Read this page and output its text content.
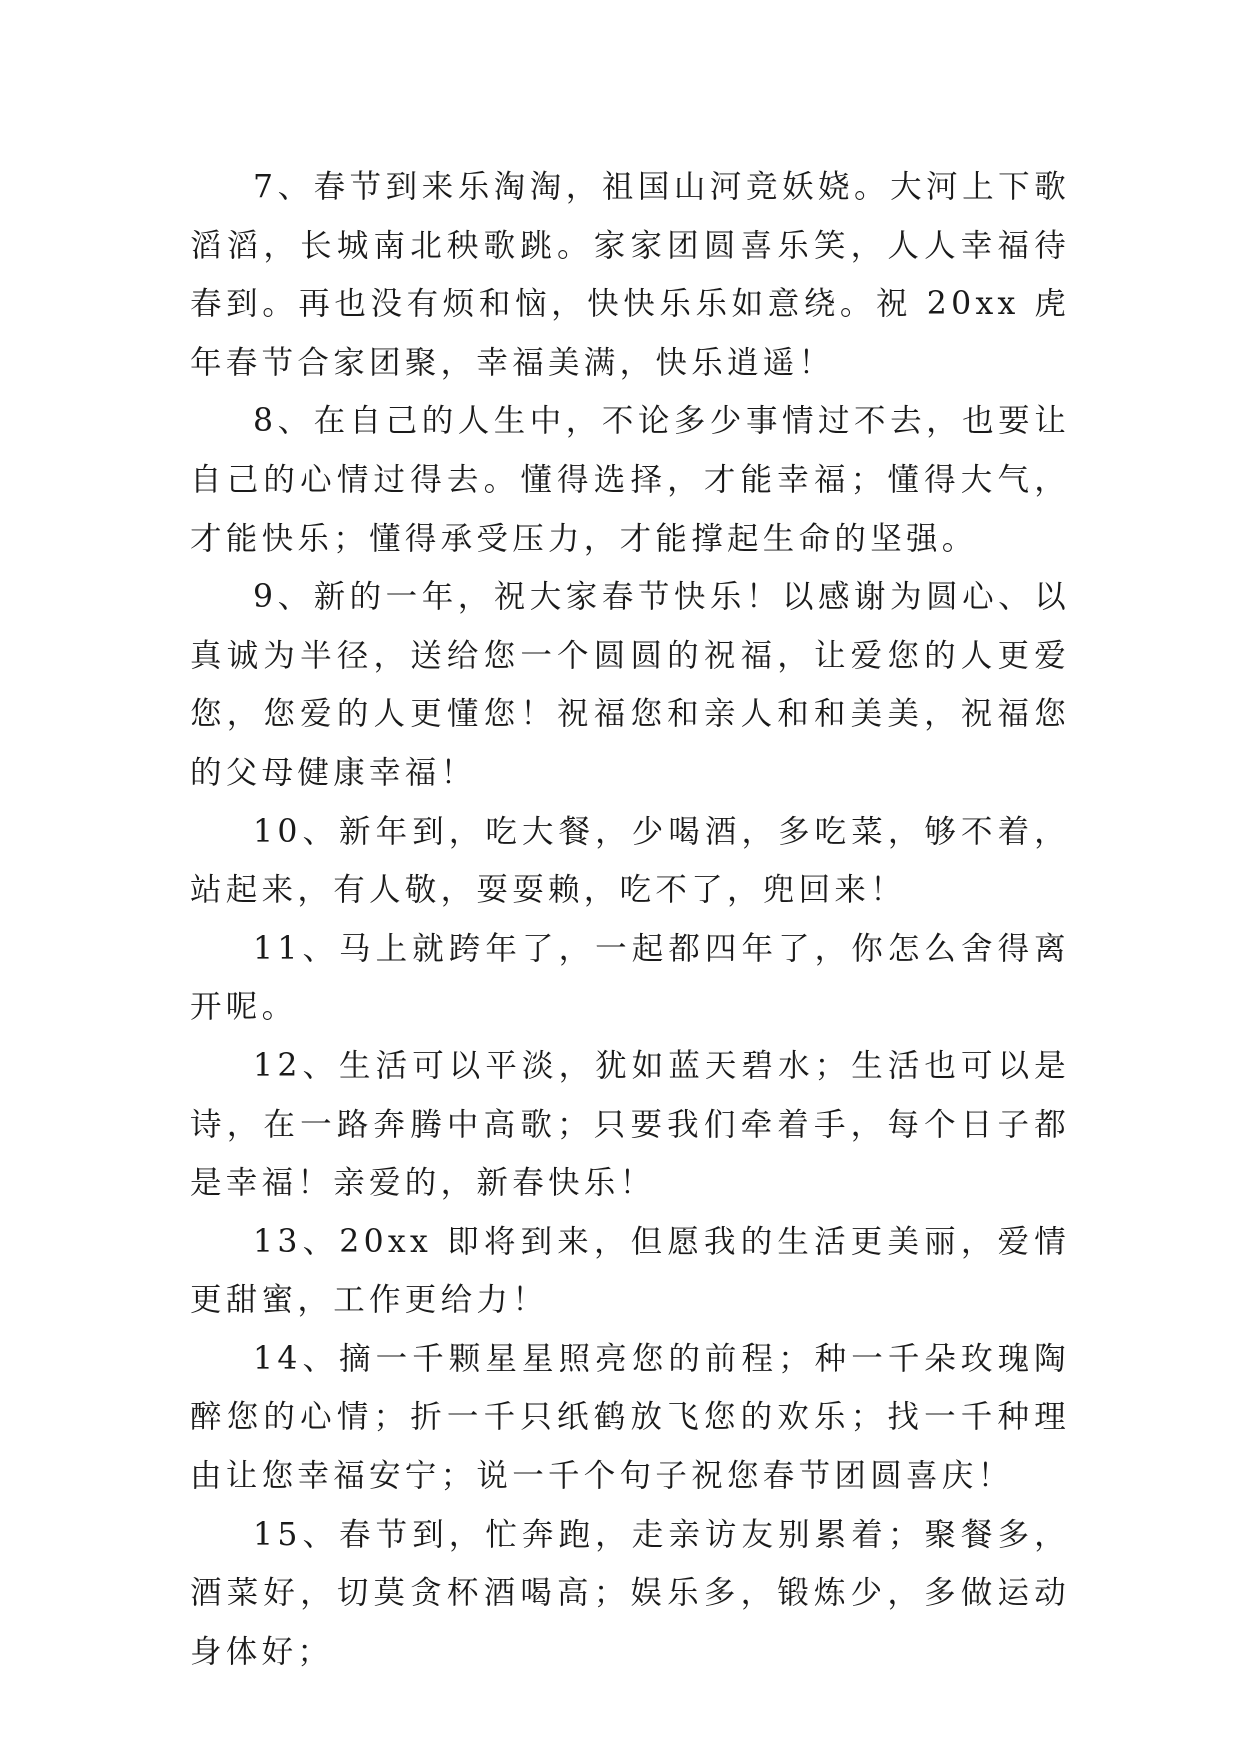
7、春节到来乐淘淘，祖国山河竞妖娆。大河上下歌滔滔，长城南北秧歌跳。家家团圆喜乐笑，人人幸福待春到。再也没有烦和恼，快快乐乐如意绕。祝 20xx 虎年春节合家团聚，幸福美满，快乐逍遥！

8、在自己的人生中，不论多少事情过不去，也要让自己的心情过得去。懂得选择，才能幸福；懂得大气，才能快乐；懂得承受压力，才能撑起生命的坚强。

9、新的一年，祝大家春节快乐！以感谢为圆心、以真诚为半径，送给您一个圆圆的祝福，让爱您的人更爱您，您爱的人更懂您！祝福您和亲人和和美美，祝福您的父母健康幸福！

10、新年到，吃大餐，少喝酒，多吃菜，够不着，站起来，有人敬，耍耍赖，吃不了，兜回来！

11、马上就跨年了，一起都四年了，你怎么舍得离开呢。

12、生活可以平淡，犹如蓝天碧水；生活也可以是诗，在一路奔腾中高歌；只要我们牵着手，每个日子都是幸福！亲爱的，新春快乐！

13、20xx 即将到来，但愿我的生活更美丽，爱情更甜蜜，工作更给力！

14、摘一千颗星星照亮您的前程；种一千朵玫瑰陶醉您的心情；折一千只纸鹤放飞您的欢乐；找一千种理由让您幸福安宁；说一千个句子祝您春节团圆喜庆！

15、春节到，忙奔跑，走亲访友别累着；聚餐多，酒菜好，切莫贪杯酒喝高；娱乐多，锻炼少，多做运动身体好；
